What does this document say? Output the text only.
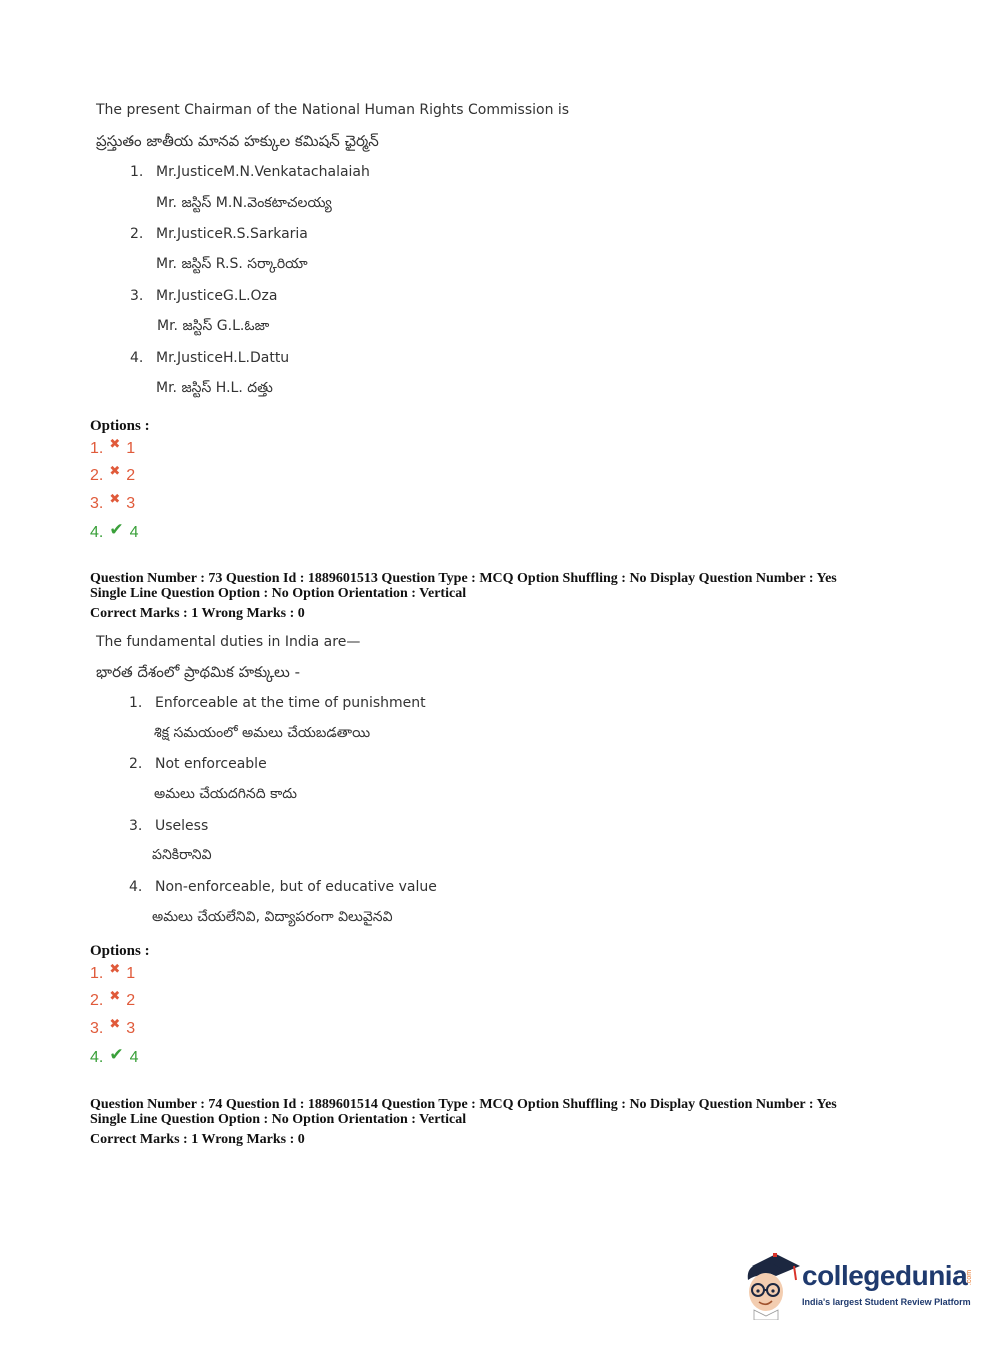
The present Chairman of the National Human Rights Commission is
ప్రస్తుతం జాతీయ మానవ హక్కుల కమిషన్ ఛైర్మన్
1. Mr.JusticeM.N.Venkatachalaiah
Mr. జస్టిస్ M.N.వెంకటాచలయ్య
2. Mr.JusticeR.S.Sarkaria
Mr. జస్టిస్ R.S. సర్కారియా
3. Mr.JusticeG.L.Oza
Mr. జస్టిస్ G.L.ఓజా
4. Mr.JusticeH.L.Dattu
Mr. జస్టిస్ H.L. దత్తు
Options :
1. ✖ 1
2. ✖ 2
3. ✖ 3
4. ✔ 4
Question Number : 73 Question Id : 1889601513 Question Type : MCQ Option Shuffling : No Display Question Number : Yes
Single Line Question Option : No Option Orientation : Vertical
Correct Marks : 1 Wrong Marks : 0
The fundamental duties in India are—
భారత దేశంలో ప్రాథమిక హక్కులు -
1. Enforceable at the time of punishment
శిక్ష సమయంలో అమలు చేయబడతాయి
2. Not enforceable
అమలు చేయదగినది కాదు
3. Useless
పనికిరానివి
4. Non-enforceable, but of educative value
అమలు చేయలేనివి, విద్యాపరంగా విలువైనవి
Options :
1. ✖ 1
2. ✖ 2
3. ✖ 3
4. ✔ 4
Question Number : 74 Question Id : 1889601514 Question Type : MCQ Option Shuffling : No Display Question Number : Yes
Single Line Question Option : No Option Orientation : Vertical
Correct Marks : 1 Wrong Marks : 0
collegedunia
.com
India's largest Student Review Platform
